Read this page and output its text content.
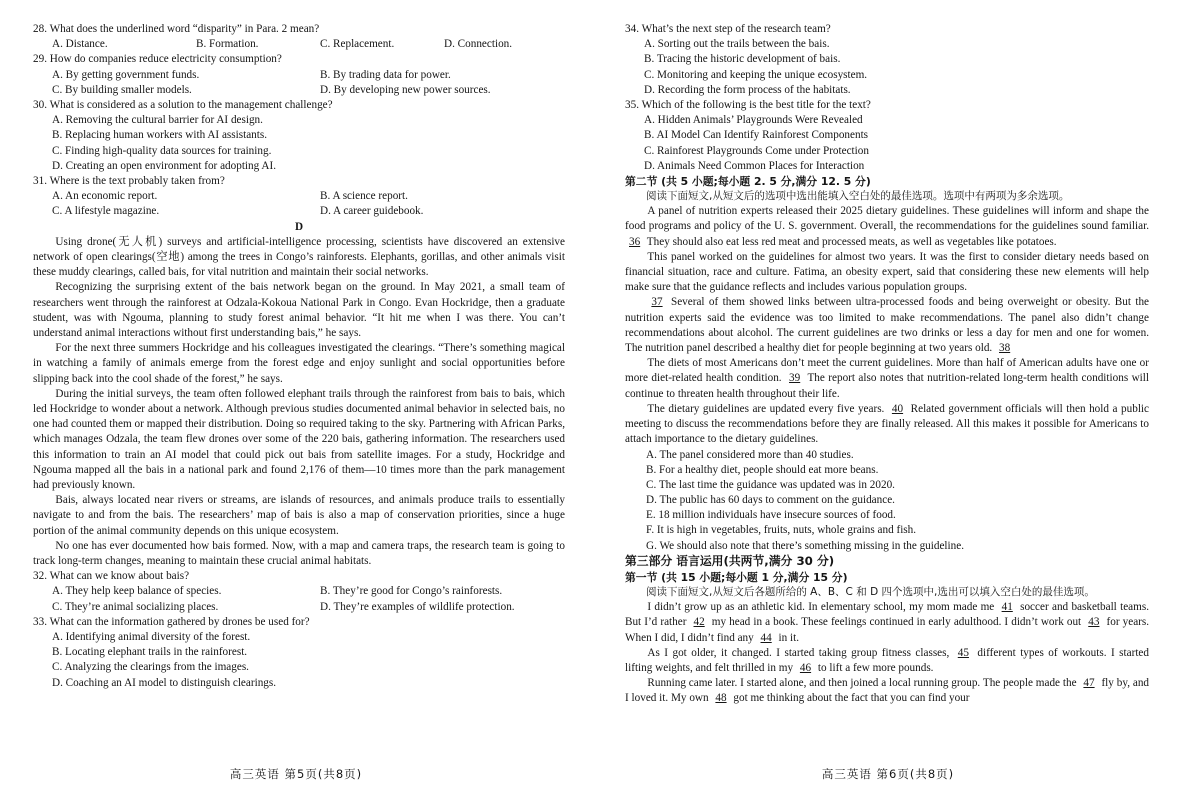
28. What does the underlined word “disparity” in Para. 2 mean?
A. Distance.	B. Formation.	C. Replacement.	D. Connection.
29. How do companies reduce electricity consumption?
A. By getting government funds.	B. By trading data for power.
C. By building smaller models.	D. By developing new power sources.
30. What is considered as a solution to the management challenge?
A. Removing the cultural barrier for AI design.
B. Replacing human workers with AI assistants.
C. Finding high-quality data sources for training.
D. Creating an open environment for adopting AI.
31. Where is the text probably taken from?
A. An economic report.	B. A science report.
C. A lifestyle magazine.	D. A career guidebook.
D
Using drone(无人机) surveys and artificial-intelligence processing, scientists have discovered an extensive network of open clearings(空地) among the trees in Congo’s rainforests. Elephants, gorillas, and other animals visit these muddy clearings, called bais, for vital nutrition and maintain their social networks.
Recognizing the surprising extent of the bais network began on the ground. In May 2021, a small team of researchers went through the rainforest at Odzala-Kokoua National Park in Congo. Evan Hockridge, then a graduate student, was with Ngouma, planning to study forest animal behavior. “It hit me when I was there. You can’t understand animal interactions without first understanding bais,” he says.
For the next three summers Hockridge and his colleagues investigated the clearings. “There’s something magical in watching a family of animals emerge from the forest edge and enjoy sunlight and social opportunities before slipping back into the cool shade of the forest,” he says.
During the initial surveys, the team often followed elephant trails through the rainforest from bais to bais, which led Hockridge to wonder about a network. Although previous studies documented animal behavior in selected bais, no one had counted them or mapped their distribution. Doing so required taking to the sky. Partnering with African Parks, which manages Odzala, the team flew drones over some of the 220 bais, gathering information. The researchers used this information to train an AI model that could pick out bais from satellite images. For a study, Hockridge and Ngouma mapped all the bais in a national park and found 2,176 of them—10 times more than the park management had previously known.
Bais, always located near rivers or streams, are islands of resources, and animals produce trails to essentially navigate to and from the bais. The researchers’ map of bais is also a map of conservation priorities, since a huge portion of the animal community depends on this unique ecosystem.
No one has ever documented how bais formed. Now, with a map and camera traps, the research team is going to track long-term changes, meaning to maintain these crucial animal habitats.
32. What can we know about bais?
A. They help keep balance of species.	B. They’re good for Congo’s rainforests.
C. They’re animal socializing places.	D. They’re examples of wildlife protection.
33. What can the information gathered by drones be used for?
A. Identifying animal diversity of the forest.
B. Locating elephant trails in the rainforest.
C. Analyzing the clearings from the images.
D. Coaching an AI model to distinguish clearings.
高三英语 第5页(共8页)
34. What’s the next step of the research team?
A. Sorting out the trails between the bais.
B. Tracing the historic development of bais.
C. Monitoring and keeping the unique ecosystem.
D. Recording the form process of the habitats.
35. Which of the following is the best title for the text?
A. Hidden Animals’ Playgrounds Were Revealed
B. AI Model Can Identify Rainforest Components
C. Rainforest Playgrounds Come under Protection
D. Animals Need Common Places for Interaction
第二节 (共 5 小题;每小题 2. 5 分,满分 12. 5 分)
阅读下面短文,从短文后的选项中选出能填入空白处的最佳选项。选项中有两项为多余选项。
A panel of nutrition experts released their 2025 dietary guidelines. These guidelines will inform and shape the food programs and policy of the U. S. government. Overall, the recommendations for the guidelines sound familiar. 36 They should also eat less red meat and processed meats, as well as vegetables like potatoes.
This panel worked on the guidelines for almost two years. It was the first to consider dietary needs based on financial situation, race and culture. Fatima, an obesity expert, said that considering these new elements will help make sure that the guidance reflects and includes various population groups.
37 Several of them showed links between ultra-processed foods and being overweight or obesity. But the nutrition experts said the evidence was too limited to make recommendations. The panel also didn’t change recommendations about alcohol. The current guidelines are two drinks or less a day for men and one for women. The nutrition panel described a healthy diet for people beginning at two years old. 38
The diets of most Americans don’t meet the current guidelines. More than half of American adults have one or more diet-related health condition. 39 The report also notes that nutrition-related long-term health conditions will continue to threaten health throughout their life.
The dietary guidelines are updated every five years. 40 Related government officials will then hold a public meeting to discuss the recommendations before they are finally released. All this makes it possible for Americans to attach importance to the dietary guidelines.
A. The panel considered more than 40 studies.
B. For a healthy diet, people should eat more beans.
C. The last time the guidance was updated was in 2020.
D. The public has 60 days to comment on the guidance.
E. 18 million individuals have insecure sources of food.
F. It is high in vegetables, fruits, nuts, whole grains and fish.
G. We should also note that there’s something missing in the guideline.
第三部分 语言运用(共两节,满分 30 分)
第一节 (共 15 小题;每小题 1 分,满分 15 分)
阅读下面短文,从短文后各题所给的 A、B、C 和 D 四个选项中,选出可以填入空白处的最佳选项。
I didn’t grow up as an athletic kid. In elementary school, my mom made me 41 soccer and basketball teams. But I’d rather 42 my head in a book. These feelings continued in early adulthood. I didn’t work out 43 for years. When I did, I didn’t find any 44 in it.
As I got older, it changed. I started taking group fitness classes, 45 different types of workouts. I started lifting weights, and felt thrilled in my 46 to lift a few more pounds.
Running came later. I started alone, and then joined a local running group. The people made the 47 fly by, and I loved it. My own 48 got me thinking about the fact that you can find your
高三英语 第6页(共8页)
